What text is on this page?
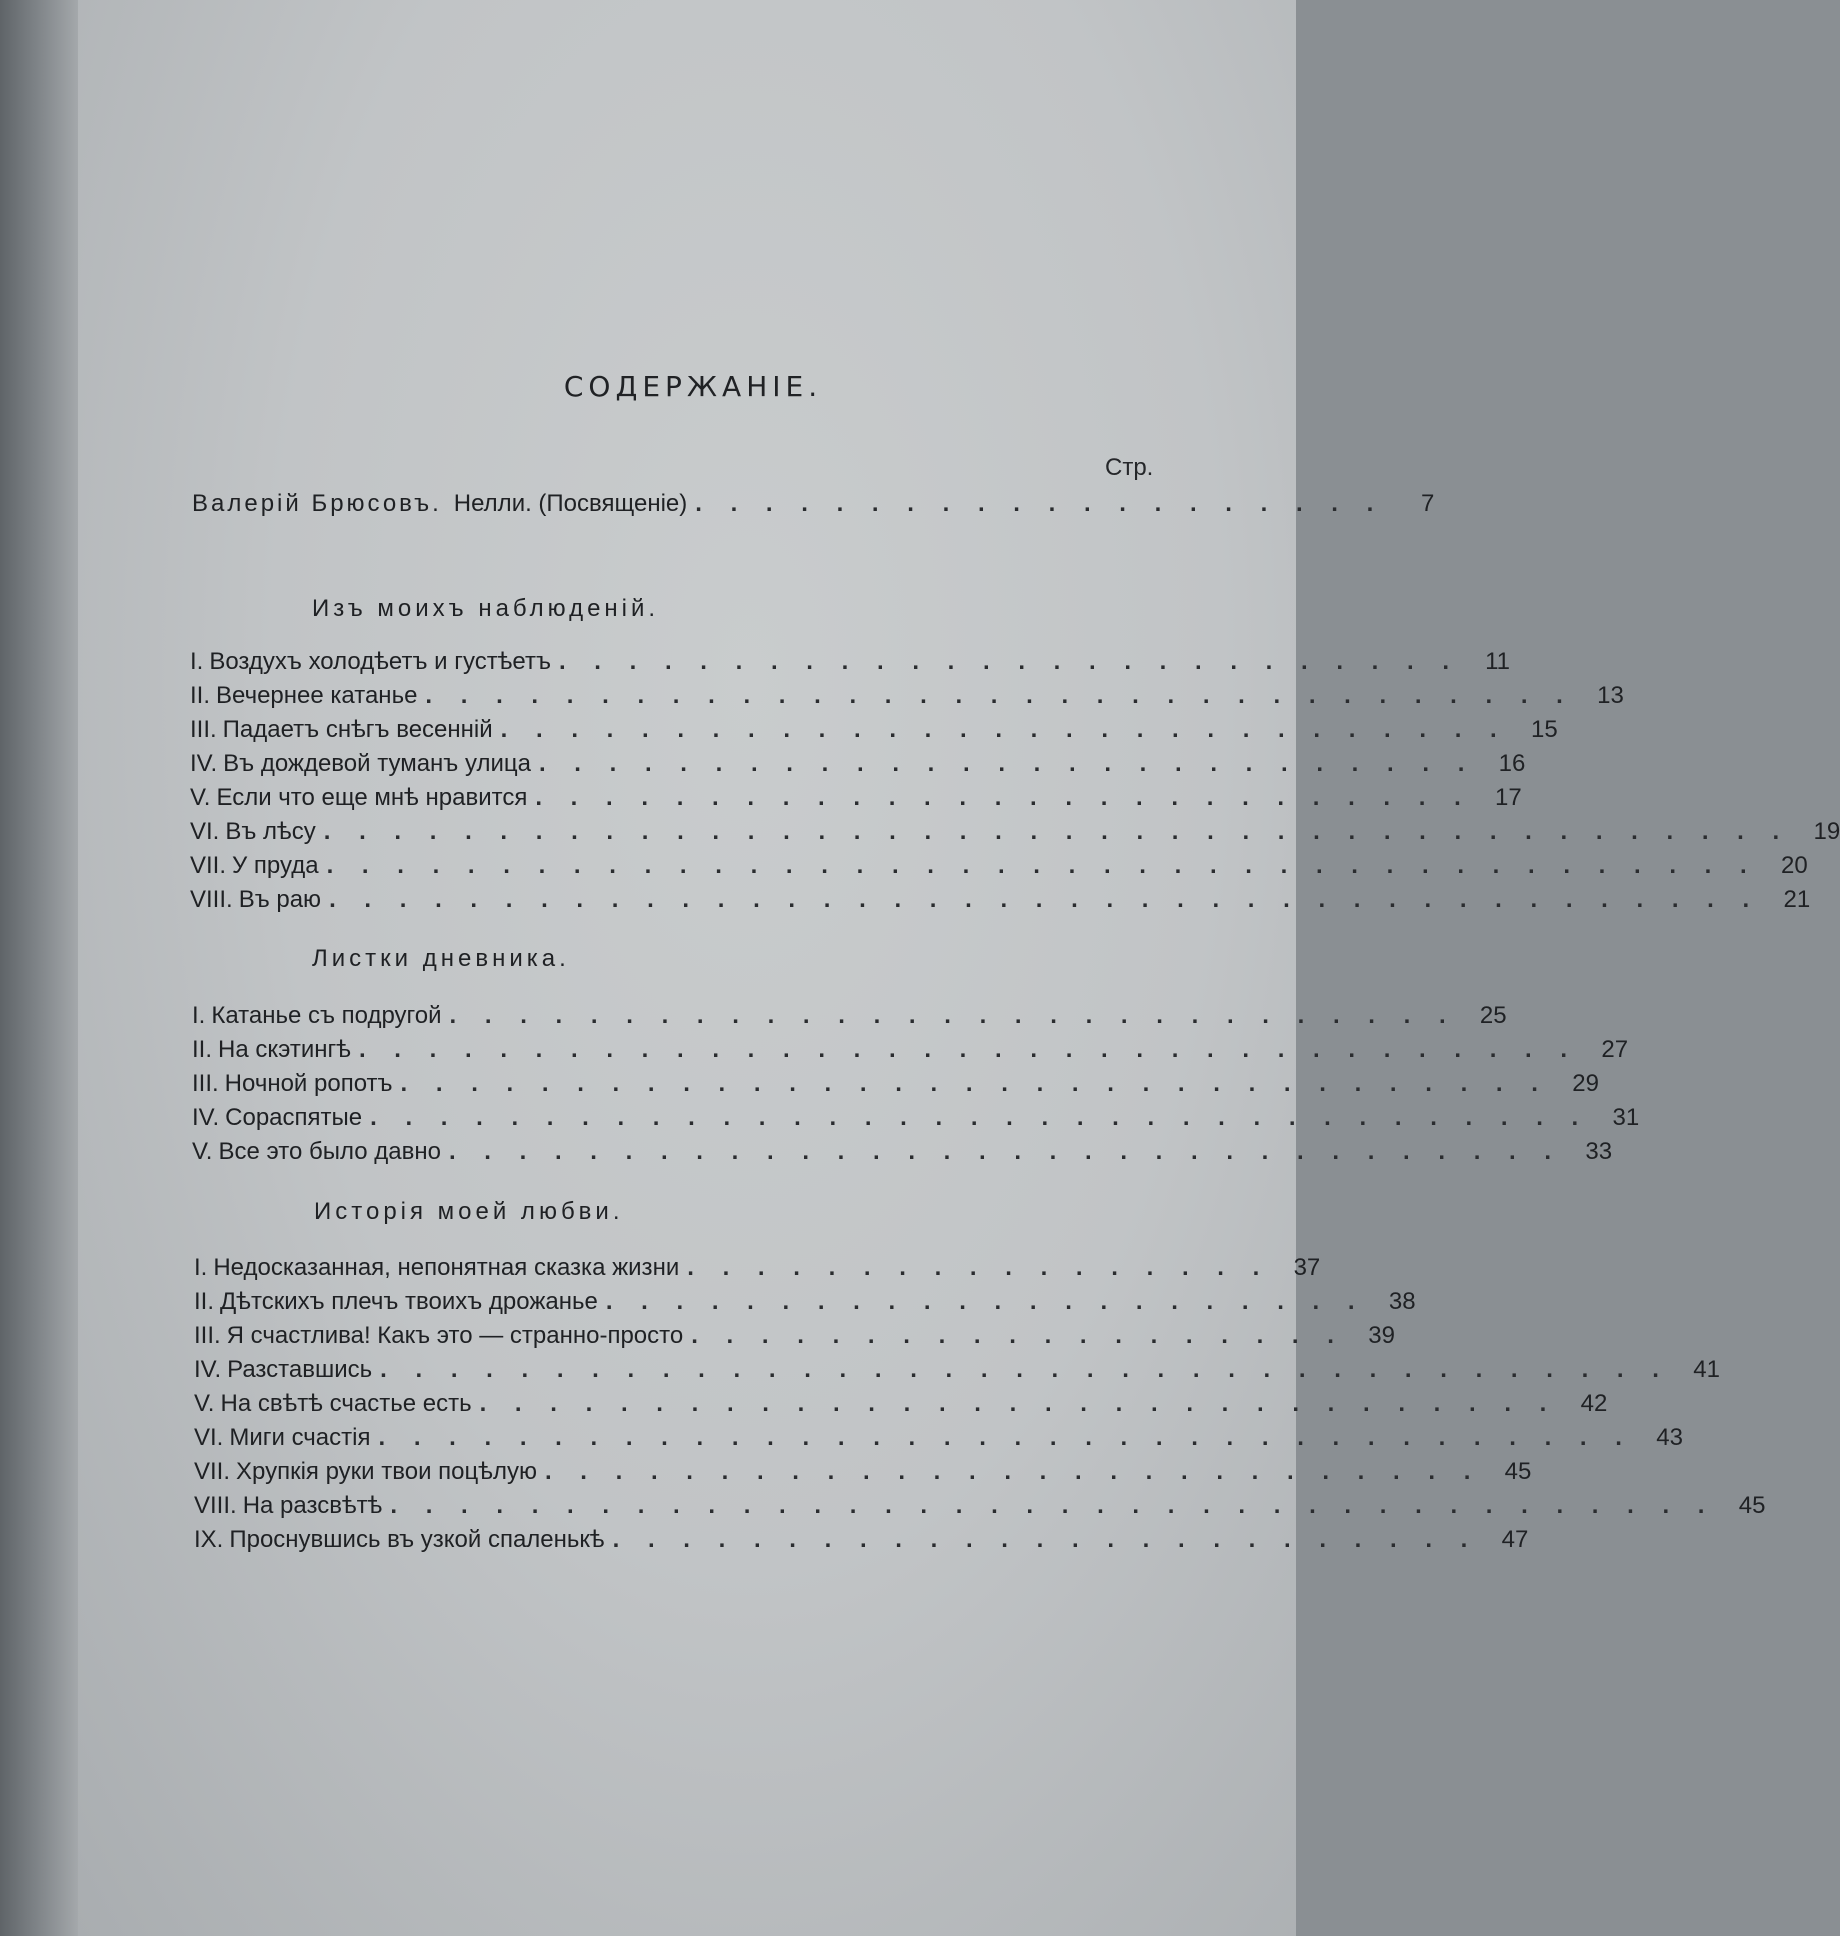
СОДЕРЖАНІЕ.
Стр.
Валерій Брюсовъ. Нелли. (Посвященіе) . . . . . . . . . . . . . . . . . . . .	7
Изъ моихъ наблюденій.
I. Воздухъ холодѣетъ и густѣетъ . . . . . . . . . . . . . . . . . . . . . . . . . .	11
II. Вечернее катанье . . . . . . . . . . . . . . . . . . . . . . . . . . . . . . . . . 13
III. Падаетъ снѣгъ весенній . . . . . . . . . . . . . . . . . . . . . . . . . . . . . 15
IV. Въ дождевой туманъ улица . . . . . . . . . . . . . . . . . . . . . . . . . . . 16
V. Если что еще мнѣ нравится . . . . . . . . . . . . . . . . . . . . . . . . . . . 17
VI. Въ лѣсу . . . . . . . . . . . . . . . . . . . . . . . . . . . . . . . . . . . . . . . . . . 19
VII. У пруда . . . . . . . . . . . . . . . . . . . . . . . . . . . . . . . . . . . . . . . . . 20
VIII. Въ раю . . . . . . . . . . . . . . . . . . . . . . . . . . . . . . . . . . . . . . . . . 21
Листки дневника.
I. Катанье съ подругой . . . . . . . . . . . . . . . . . . . . . . . . . . . . . 25
II. На скэтингѣ . . . . . . . . . . . . . . . . . . . . . . . . . . . . . . . . . . . 27
III. Ночной ропотъ . . . . . . . . . . . . . . . . . . . . . . . . . . . . . . . . . 29
IV. Сораспятые . . . . . . . . . . . . . . . . . . . . . . . . . . . . . . . . . . . 31
V. Все это было давно . . . . . . . . . . . . . . . . . . . . . . . . . . . . . . . . 33
Исторія моей любви.
I. Недосказанная, непонятная сказка жизни . . . . . . . . . . . . . . . . . 37
II. Дѣтскихъ плечъ твоихъ дрожанье . . . . . . . . . . . . . . . . . . . . . . 38
III. Я счастлива! Какъ это — странно-просто . . . . . . . . . . . . . . . . . . . 39
IV. Разставшись . . . . . . . . . . . . . . . . . . . . . . . . . . . . . . . . . . . . . 41
V. На свѣтѣ счастье есть . . . . . . . . . . . . . . . . . . . . . . . . . . . . . . . 42
VI. Миги счастія . . . . . . . . . . . . . . . . . . . . . . . . . . . . . . . . . . . . 43
VII. Хрупкія руки твои поцѣлую . . . . . . . . . . . . . . . . . . . . . . . . . . . 45
VIII. На разсвѣтѣ . . . . . . . . . . . . . . . . . . . . . . . . . . . . . . . . . . . . . . 45
IX. Проснувшись въ узкой спаленькѣ . . . . . . . . . . . . . . . . . . . . . . . . . 47
